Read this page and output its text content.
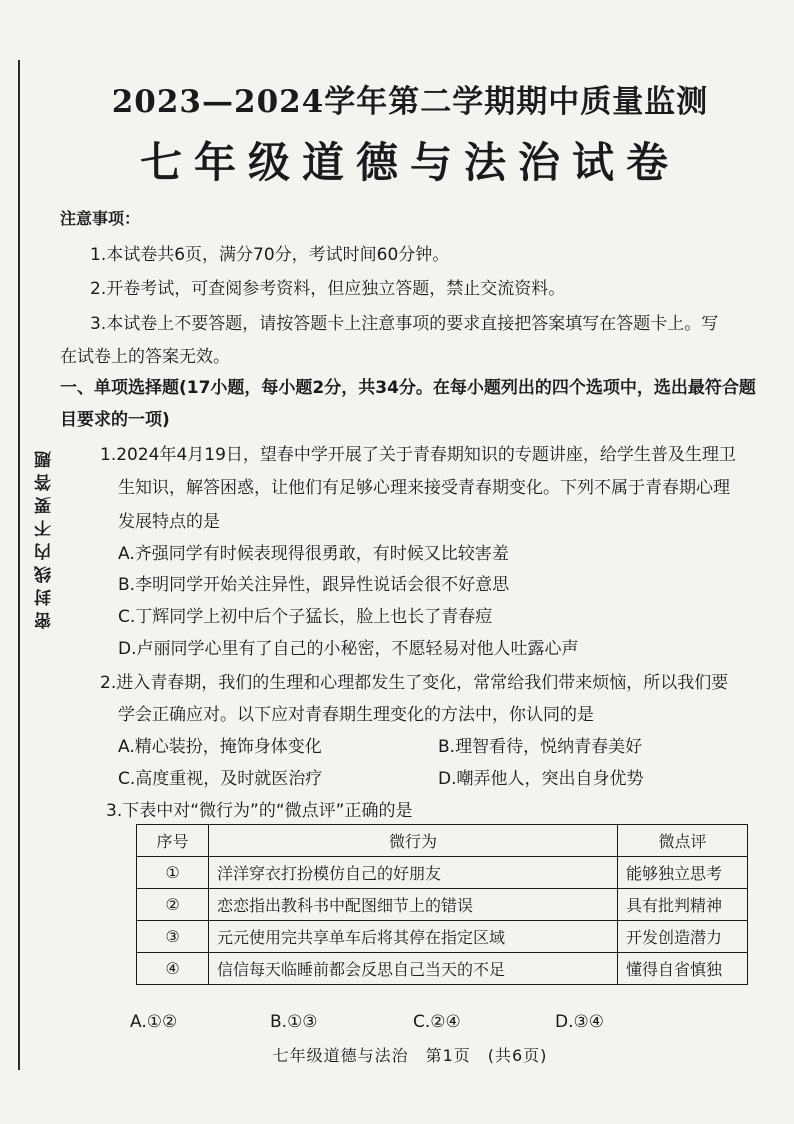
密封线内不要答题
2023—2024学年第二学期期中质量监测
七年级道德与法治试卷
注意事项：
1.本试卷共6页，满分70分，考试时间60分钟。
2.开卷考试，可查阅参考资料，但应独立答题，禁止交流资料。
3.本试卷上不要答题，请按答题卡上注意事项的要求直接把答案填写在答题卡上。写
在试卷上的答案无效。
一、单项选择题(17小题，每小题2分，共34分。在每小题列出的四个选项中，选出最符合题
目要求的一项)
1.2024年4月19日，望春中学开展了关于青春期知识的专题讲座，给学生普及生理卫
生知识，解答困惑，让他们有足够心理来接受青春期变化。下列不属于青春期心理
发展特点的是
A.齐强同学有时候表现得很勇敢，有时候又比较害羞
B.李明同学开始关注异性，跟异性说话会很不好意思
C.丁辉同学上初中后个子猛长，脸上也长了青春痘
D.卢丽同学心里有了自己的小秘密，不愿轻易对他人吐露心声
2.进入青春期，我们的生理和心理都发生了变化，常常给我们带来烦恼，所以我们要
学会正确应对。以下应对青春期生理变化的方法中，你认同的是
A.精心装扮，掩饰身体变化	B.理智看待，悦纳青春美好
C.高度重视，及时就医治疗	D.嘲弄他人，突出自身优势
3.下表中对“微行为”的“微点评”正确的是
序号	微行为	微点评
①	洋洋穿衣打扮模仿自己的好朋友	能够独立思考
②	恋恋指出教科书中配图细节上的错误	具有批判精神
③	元元使用完共享单车后将其停在指定区域	开发创造潜力
④	信信每天临睡前都会反思自己当天的不足	懂得自省慎独
A.①②	B.①③	C.②④	D.③④
七年级道德与法治　第1页　(共6页)
